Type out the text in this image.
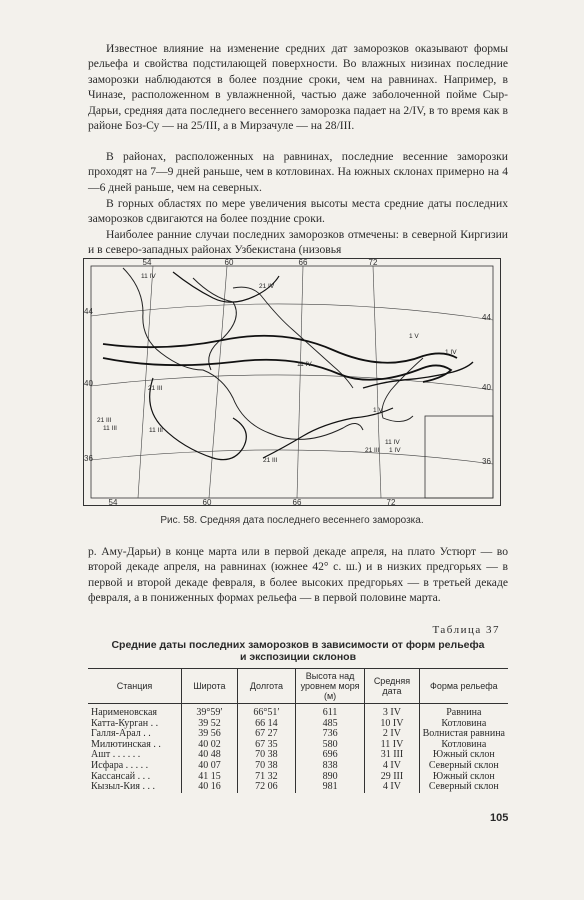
Известное влияние на изменение средних дат заморозков оказывают формы рельефа и свойства подстилающей поверхности. Во влажных низинах последние заморозки наблюдаются в более поздние сроки, чем на равнинах. Например, в Чиназе, расположенном в увлажненной, частью даже заболоченной пойме Сыр-Дарьи, средняя дата последнего весеннего заморозка падает на 2/IV, в то время как в районе Боз-Су — на 25/III, а в Мирзачуле — на 28/III.

В районах, расположенных на равнинах, последние весенние заморозки проходят на 7—9 дней раньше, чем в котловинах. На южных склонах примерно на 4—6 дней раньше, чем на северных.

В горных областях по мере увеличения высоты места средние даты последних заморозков сдвигаются на более поздние сроки.

Наиболее ранние случаи последних заморозков отмечены: в северной Киргизии и в северо-западных районах Узбекистана (низовья

54	60	66	72
54	60	66	72
44
40
36
44
40
36
11 IV
21 IV
1 V
1 IV
21 III
11 III
11 III
21 III
11 IV
21 III 1 IV
1 V
11 IV
21 III

Рис. 58. Средняя дата последнего весеннего заморозка.

р. Аму-Дарьи) в конце марта или в первой декаде апреля, на плато Устюрт — во второй декаде апреля, на равнинах (южнее 42° с. ш.) и в низких предгорьях — в первой и второй декаде февраля, в более высоких предгорьях — в третьей декаде февраля, а в пониженных формах рельефа — в первой половине марта.

Таблица 37

Средние даты последних заморозков в зависимости от форм рельефа
и экспозиции склонов

Станция	Широта	Долгота	Высота над уровнем моря (м)	Средняя дата	Форма рельефа
Нарименовская	39°59′	66°51′	611	3 IV	Равнина
Катта-Курган . .	39 52	66 14	485	10 IV	Котловина
Галля-Арал . .	39 56	67 27	736	2 IV	Волнистая равнина
Милютинская . .	40 02	67 35	580	11 IV	Котловина
Ашт . . . . . .	40 48	70 38	696	31 III	Южный склон
Исфара . . . . .	40 07	70 38	838	4 IV	Северный склон
Кассансай . . .	41 15	71 32	890	29 III	Южный склон
Кызыл-Кия . . .	40 16	72 06	981	4 IV	Северный склон

105
